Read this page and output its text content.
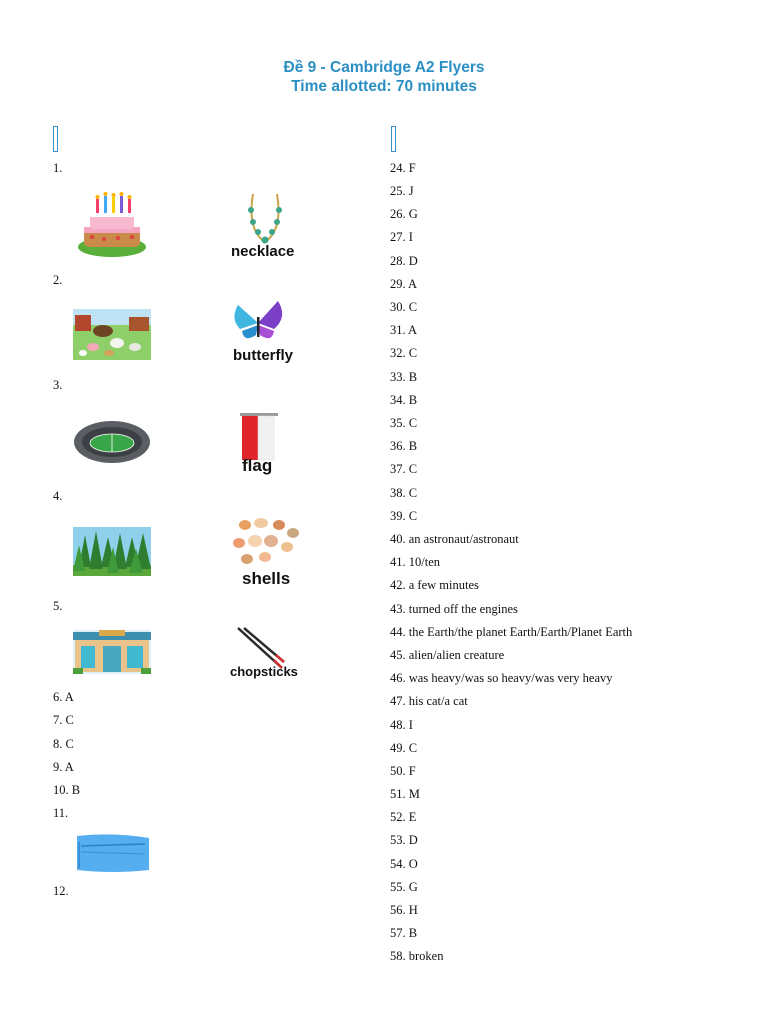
Đề 9 - Cambridge A2 Flyers
Time allotted: 70 minutes
1.
necklace
2.
butterfly
3.
flag
4.
shells
5.
chopsticks
6. A
7. C
8. C
9. A
10. B
11.
12.
24. F
25. J
26. G
27. I
28. D
29. A
30. C
31. A
32. C
33. B
34. B
35. C
36. B
37. C
38. C
39. C
40. an astronaut/astronaut
41. 10/ten
42. a few minutes
43. turned off the engines
44. the Earth/the planet Earth/Earth/Planet Earth
45. alien/alien creature
46. was heavy/was so heavy/was very heavy
47. his cat/a cat
48. I
49. C
50. F
51. M
52. E
53. D
54. O
55. G
56. H
57. B
58. broken
